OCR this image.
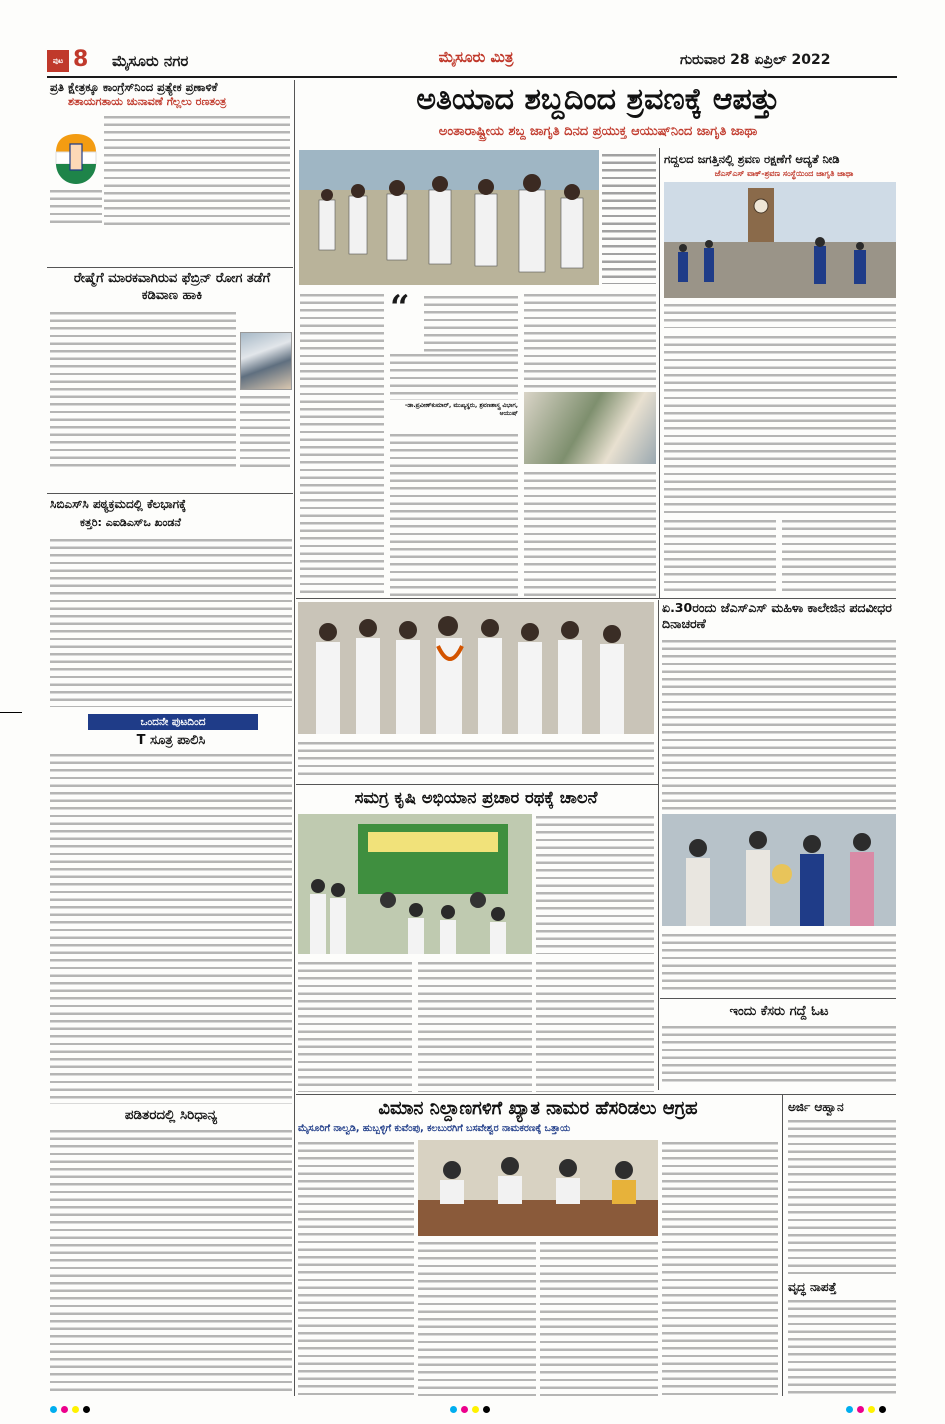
ಪುಟ 8 ಮೈಸೂರು ನಗರ	ಮೈಸೂರು ಮಿತ್ರ	ಗುರುವಾರ 28 ಏಪ್ರಿಲ್ 2022
ಪ್ರತಿ ಕ್ಷೇತ್ರಕ್ಕೂ ಕಾಂಗ್ರೆಸ್‌ನಿಂದ ಪ್ರತ್ಯೇಕ ಪ್ರಣಾಳಿಕೆ
ಶತಾಯಗತಾಯ ಚುನಾವಣೆ ಗೆಲ್ಲಲು ರಣತಂತ್ರ
ರೇಷ್ಮೆಗೆ ಮಾರಕವಾಗಿರುವ ಫೆಬ್ರಿನ್ ರೋಗ ತಡೆಗೆ ಕಡಿವಾಣ ಹಾಕಿ
ಸಿಬಿಎಸ್‌ಸಿ ಪಠ್ಯಕ್ರಮದಲ್ಲಿ ಕೆಲಭಾಗಕ್ಕೆ
ಕತ್ತರಿ: ಎಐಡಿಎಸ್‌ಒ ಖಂಡನೆ
ಒಂದನೇ ಪುಟದಿಂದ
T ಸೂತ್ರ ಪಾಲಿಸಿ
ಪಡಿತರದಲ್ಲಿ ಸಿರಿಧಾನ್ಯ
ಅತಿಯಾದ ಶಬ್ದದಿಂದ ಶ್ರವಣಕ್ಕೆ ಆಪತ್ತು
ಅಂತಾರಾಷ್ಟ್ರೀಯ ಶಬ್ದ ಜಾಗೃತಿ ದಿನದ ಪ್ರಯುಕ್ತ ಆಯುಷ್‌ನಿಂದ ಜಾಗೃತಿ ಜಾಥಾ
“
-ಡಾ.ಪ್ರವೀಣ್‌ಕುಮಾರ್, ಮುಖ್ಯಸ್ಥರು, ಶ್ರವಣಶಾಸ್ತ್ರ ವಿಭಾಗ, ಆಯುಷ್
ಗದ್ದಲದ ಜಗತ್ತಿನಲ್ಲಿ ಶ್ರವಣ ರಕ್ಷಣೆಗೆ ಆದ್ಯತೆ ನೀಡಿ
ಜೆಎಸ್‌ಎಸ್ ವಾಕ್-ಶ್ರವಣ ಸಂಸ್ಥೆಯಿಂದ ಜಾಗೃತಿ ಜಾಥಾ
ಏ.30ರಂದು ಜೆಎಸ್‌ಎಸ್ ಮಹಿಳಾ ಕಾಲೇಜಿನ ಪದವೀಧರ ದಿನಾಚರಣೆ
ಇಂದು ಕೆಸರು ಗದ್ದೆ ಓಟ
ಸಮಗ್ರ ಕೃಷಿ ಅಭಿಯಾನ ಪ್ರಚಾರ ರಥಕ್ಕೆ ಚಾಲನೆ
ವಿಮಾನ ನಿಲ್ದಾಣಗಳಿಗೆ ಖ್ಯಾತ ನಾಮರ ಹೆಸರಿಡಲು ಆಗ್ರಹ
ಮೈಸೂರಿಗೆ ನಾಲ್ವಡಿ, ಹುಬ್ಬಳ್ಳಿಗೆ ಕುವೆಂಪು, ಕಲಬುರಗಿಗೆ ಬಸವೇಶ್ವರ ನಾಮಕರಣಕ್ಕೆ ಒತ್ತಾಯ
ಅರ್ಜಿ ಆಹ್ವಾನ
ವೃದ್ಧ ನಾಪತ್ತೆ
